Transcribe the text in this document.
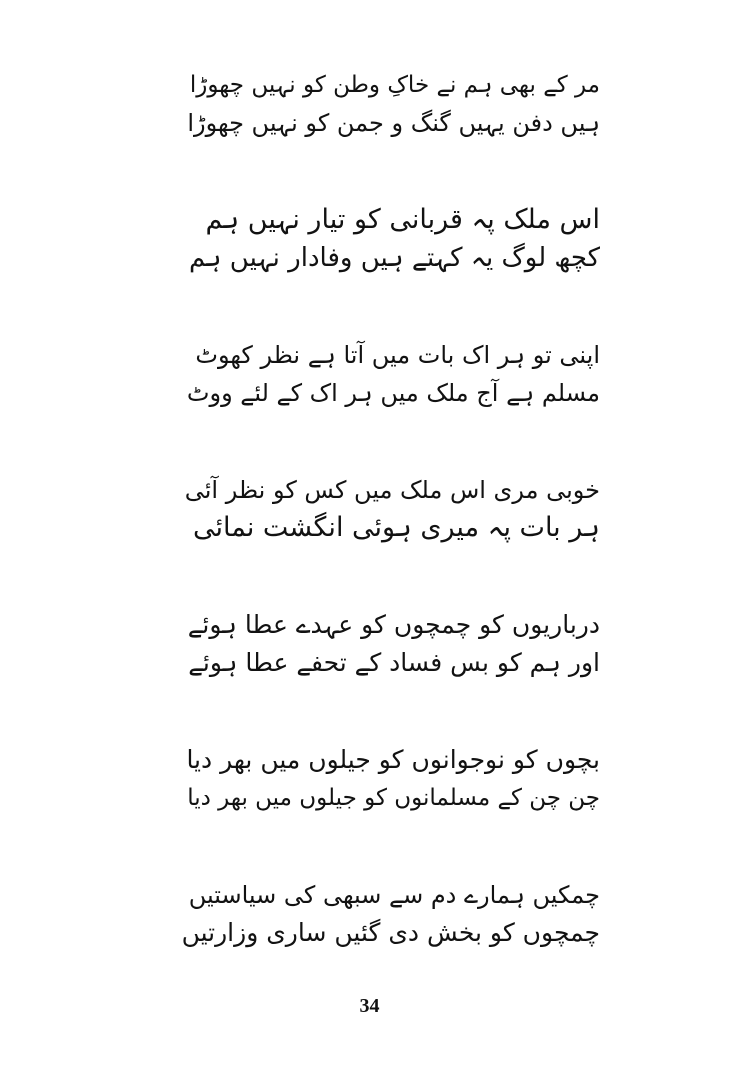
مر کے بھی ہم نے خاکِ وطن کو نہیں چھوڑا
ہیں دفن یہیں گنگ و جمن کو نہیں چھوڑا
اس ملک پہ قربانی کو تیار نہیں ہم
کچھ لوگ یہ کہتے ہیں وفادار نہیں ہم
اپنی تو ہر اک بات میں آتا ہے نظر کھوٹ
مسلم ہے آج ملک میں ہر اک کے لئے ووٹ
خوبی مری اس ملک میں کس کو نظر آئی
ہر بات پہ میری ہوئی انگشت نمائی
درباریوں کو چمچوں کو عہدے عطا ہوئے
اور ہم کو بس فساد کے تحفے عطا ہوئے
بچوں کو نوجوانوں کو جیلوں میں بھر دیا
چن چن کے مسلمانوں کو جیلوں میں بھر دیا
چمکیں ہمارے دم سے سبھی کی سیاستیں
چمچوں کو بخش دی گئیں ساری وزارتیں
34
